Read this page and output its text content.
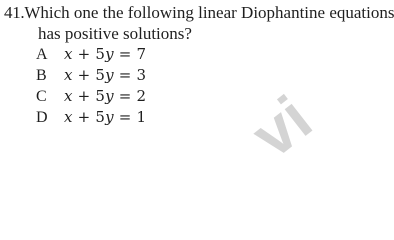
41.Which one the following linear Diophantine equations
has positive solutions?
A	x + 5y = 7
B	x + 5y = 3
C	x + 5y = 2
D	x + 5y = 1 vi
